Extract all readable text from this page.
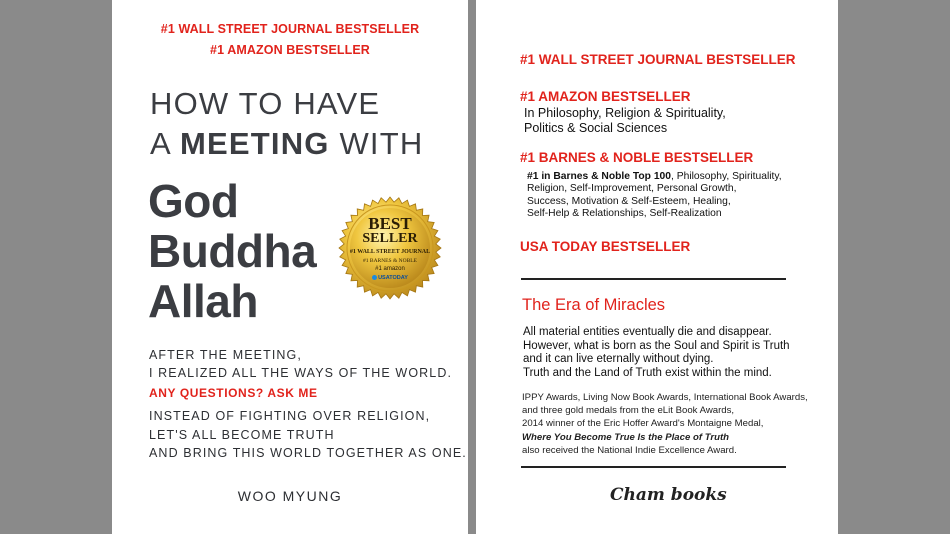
#1 WALL STREET JOURNAL BESTSELLER
#1 AMAZON BESTSELLER
HOW TO HAVE
A MEETING WITH
God
Buddha
Allah
BEST
SELLER
#1 WALL STREET JOURNAL
#1 BARNES & NOBLE
#1 amazon
USATODAY
AFTER THE MEETING,
I REALIZED ALL THE WAYS OF THE WORLD.
ANY QUESTIONS? ASK ME
INSTEAD OF FIGHTING OVER RELIGION,
LET'S ALL BECOME TRUTH
AND BRING THIS WORLD TOGETHER AS ONE.
WOO MYUNG
#1 WALL STREET JOURNAL BESTSELLER
#1 AMAZON BESTSELLER
In Philosophy, Religion & Spirituality,
Politics & Social Sciences
#1 BARNES & NOBLE BESTSELLER
#1 in Barnes & Noble Top 100, Philosophy, Spirituality,
Religion, Self-Improvement, Personal Growth,
Success, Motivation & Self-Esteem, Healing,
Self-Help & Relationships, Self-Realization
USA TODAY BESTSELLER
The Era of Miracles
All material entities eventually die and disappear.
However, what is born as the Soul and Spirit is Truth
and it can live eternally without dying.
Truth and the Land of Truth exist within the mind.
IPPY Awards, Living Now Book Awards, International Book Awards,
and three gold medals from the eLit Book Awards,
2014 winner of the Eric Hoffer Award's Montaigne Medal,
Where You Become True Is the Place of Truth
also received the National Indie Excellence Award.
Cham books
